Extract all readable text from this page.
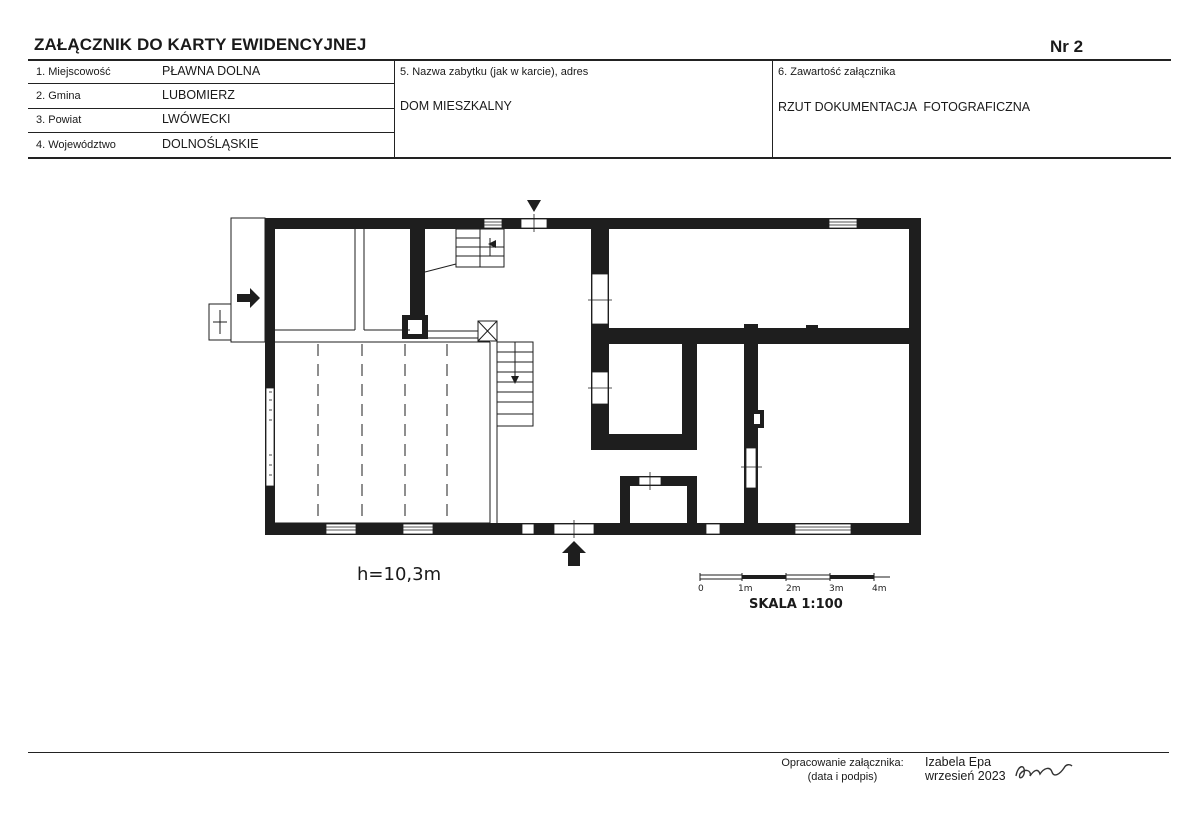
ZAŁĄCZNIK DO KARTY EWIDENCYJNEJ	Nr 2
1. Miejscowość	PŁAWNA DOLNA
2. Gmina	LUBOMIERZ
3. Powiat	LWÓWECKI
4. Województwo	DOLNOŚLĄSKIE
5. Nazwa zabytku (jak w karcie), adres
DOM MIESZKALNY
6. Zawartość załącznika
RZUT DOKUMENTACJA  FOTOGRAFICZNA
h=10,3m
0	1m	2m	3m	4m
SKALA 1:100
Opracowanie załącznika:
(data i podpis)
Izabela Epa
wrzesień 2023
